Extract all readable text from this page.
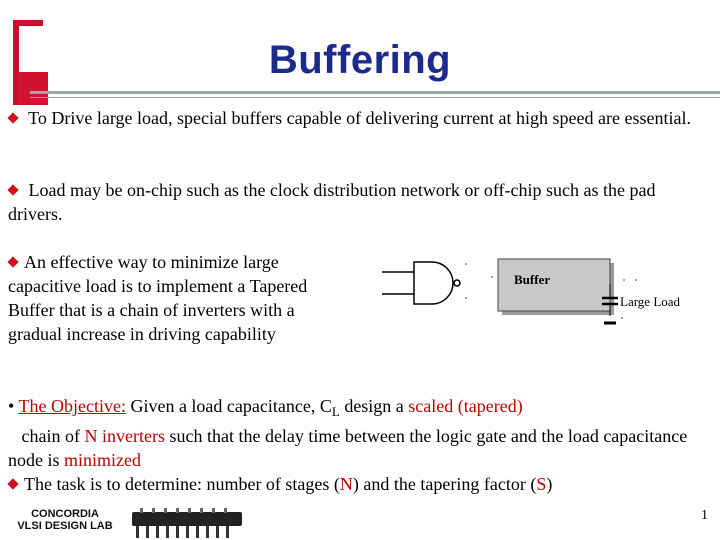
Buffering
To Drive large load, special buffers capable of delivering current at high speed are essential.
Load may be on-chip such as the clock distribution network or off-chip such as the pad drivers.
An effective way to minimize large capacitive load is to implement a Tapered Buffer that is a chain of inverters with a gradual increase in driving capability
Buffer
Large Load
• The Objective: Given a load capacitance, $C_L$ design a scaled (tapered)
chain of N inverters such that the delay time between the logic gate and the load capacitance node is minimized
The task is to determine: number of stages (N) and the tapering factor (S)
CONCORDIA
VLSI DESIGN LAB
1
